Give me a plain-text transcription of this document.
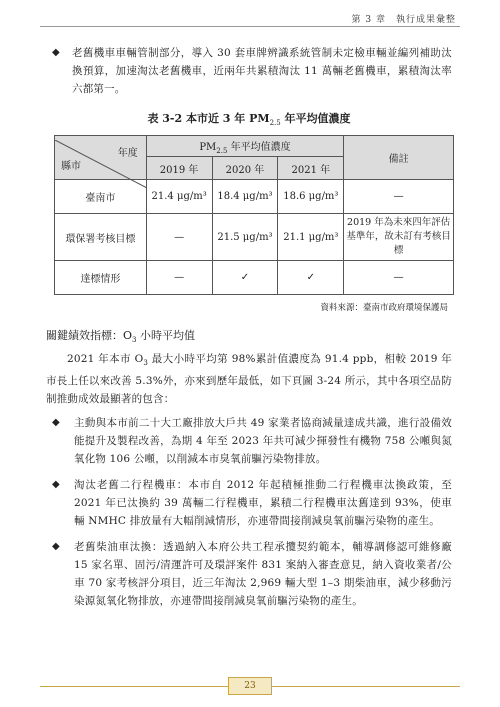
第 3 章　執行成果彙整
◆ 老舊機車車輛管制部分，導入 30 套車牌辨識系統管制未定檢車輛並編列補助汰換預算，加速淘汰老舊機車，近兩年共累積淘汰 11 萬輛老舊機車，累積淘汰率六都第一。
表 3-2 本市近 3 年 $PM_{2.5}$ 年平均值濃度
年度
縣市	$PM_{2.5}$ 年平均值濃度			備註
	2019 年	2020 年	2021 年	
臺南市	21.4 μg/m³	18.4 μg/m³	18.6 μg/m³	—
環保署考核目標	—	21.5 μg/m³	21.1 μg/m³	2019 年為未來四年評估基準年，故未訂有考核目標
達標情形	—	✓	✓	—
資料來源：臺南市政府環境保護局
關鍵績效指標：$O_3$ 小時平均值
2021 年本市 $O_3$ 最大小時平均第 98%累計值濃度為 91.4 ppb，相較 2019 年市長上任以來改善 5.3%外，亦來到歷年最低，如下頁圖 3-24 所示，其中各項空品防制推動成效最顯著的包含：
◆ 主動與本市前二十大工廠排放大戶共 49 家業者協商減量達成共識，進行設備效能提升及製程改善，為期 4 年至 2023 年共可減少揮發性有機物 758 公噸與氮氧化物 106 公噸，以削減本市臭氧前驅污染物排放。
◆ 淘汰老舊二行程機車：本市自 2012 年起積極推動二行程機車汰換政策，至 2021 年已汰換約 39 萬輛二行程機車，累積二行程機車汰舊達到 93%，使車輛 NMHC 排放量有大幅削減情形，亦連帶間接削減臭氧前驅污染物的產生。
◆ 老舊柴油車汰換：透過納入本府公共工程承攬契約範本，輔導調修認可維修廠 15 家名單、固污/清運許可及環評案件 831 案納入審查意見，納入資收業者/公車 70 家考核評分項目，近三年淘汰 2,969 輛大型 1–3 期柴油車，減少移動污染源氮氧化物排放，亦連帶間接削減臭氧前驅污染物的產生。
23
